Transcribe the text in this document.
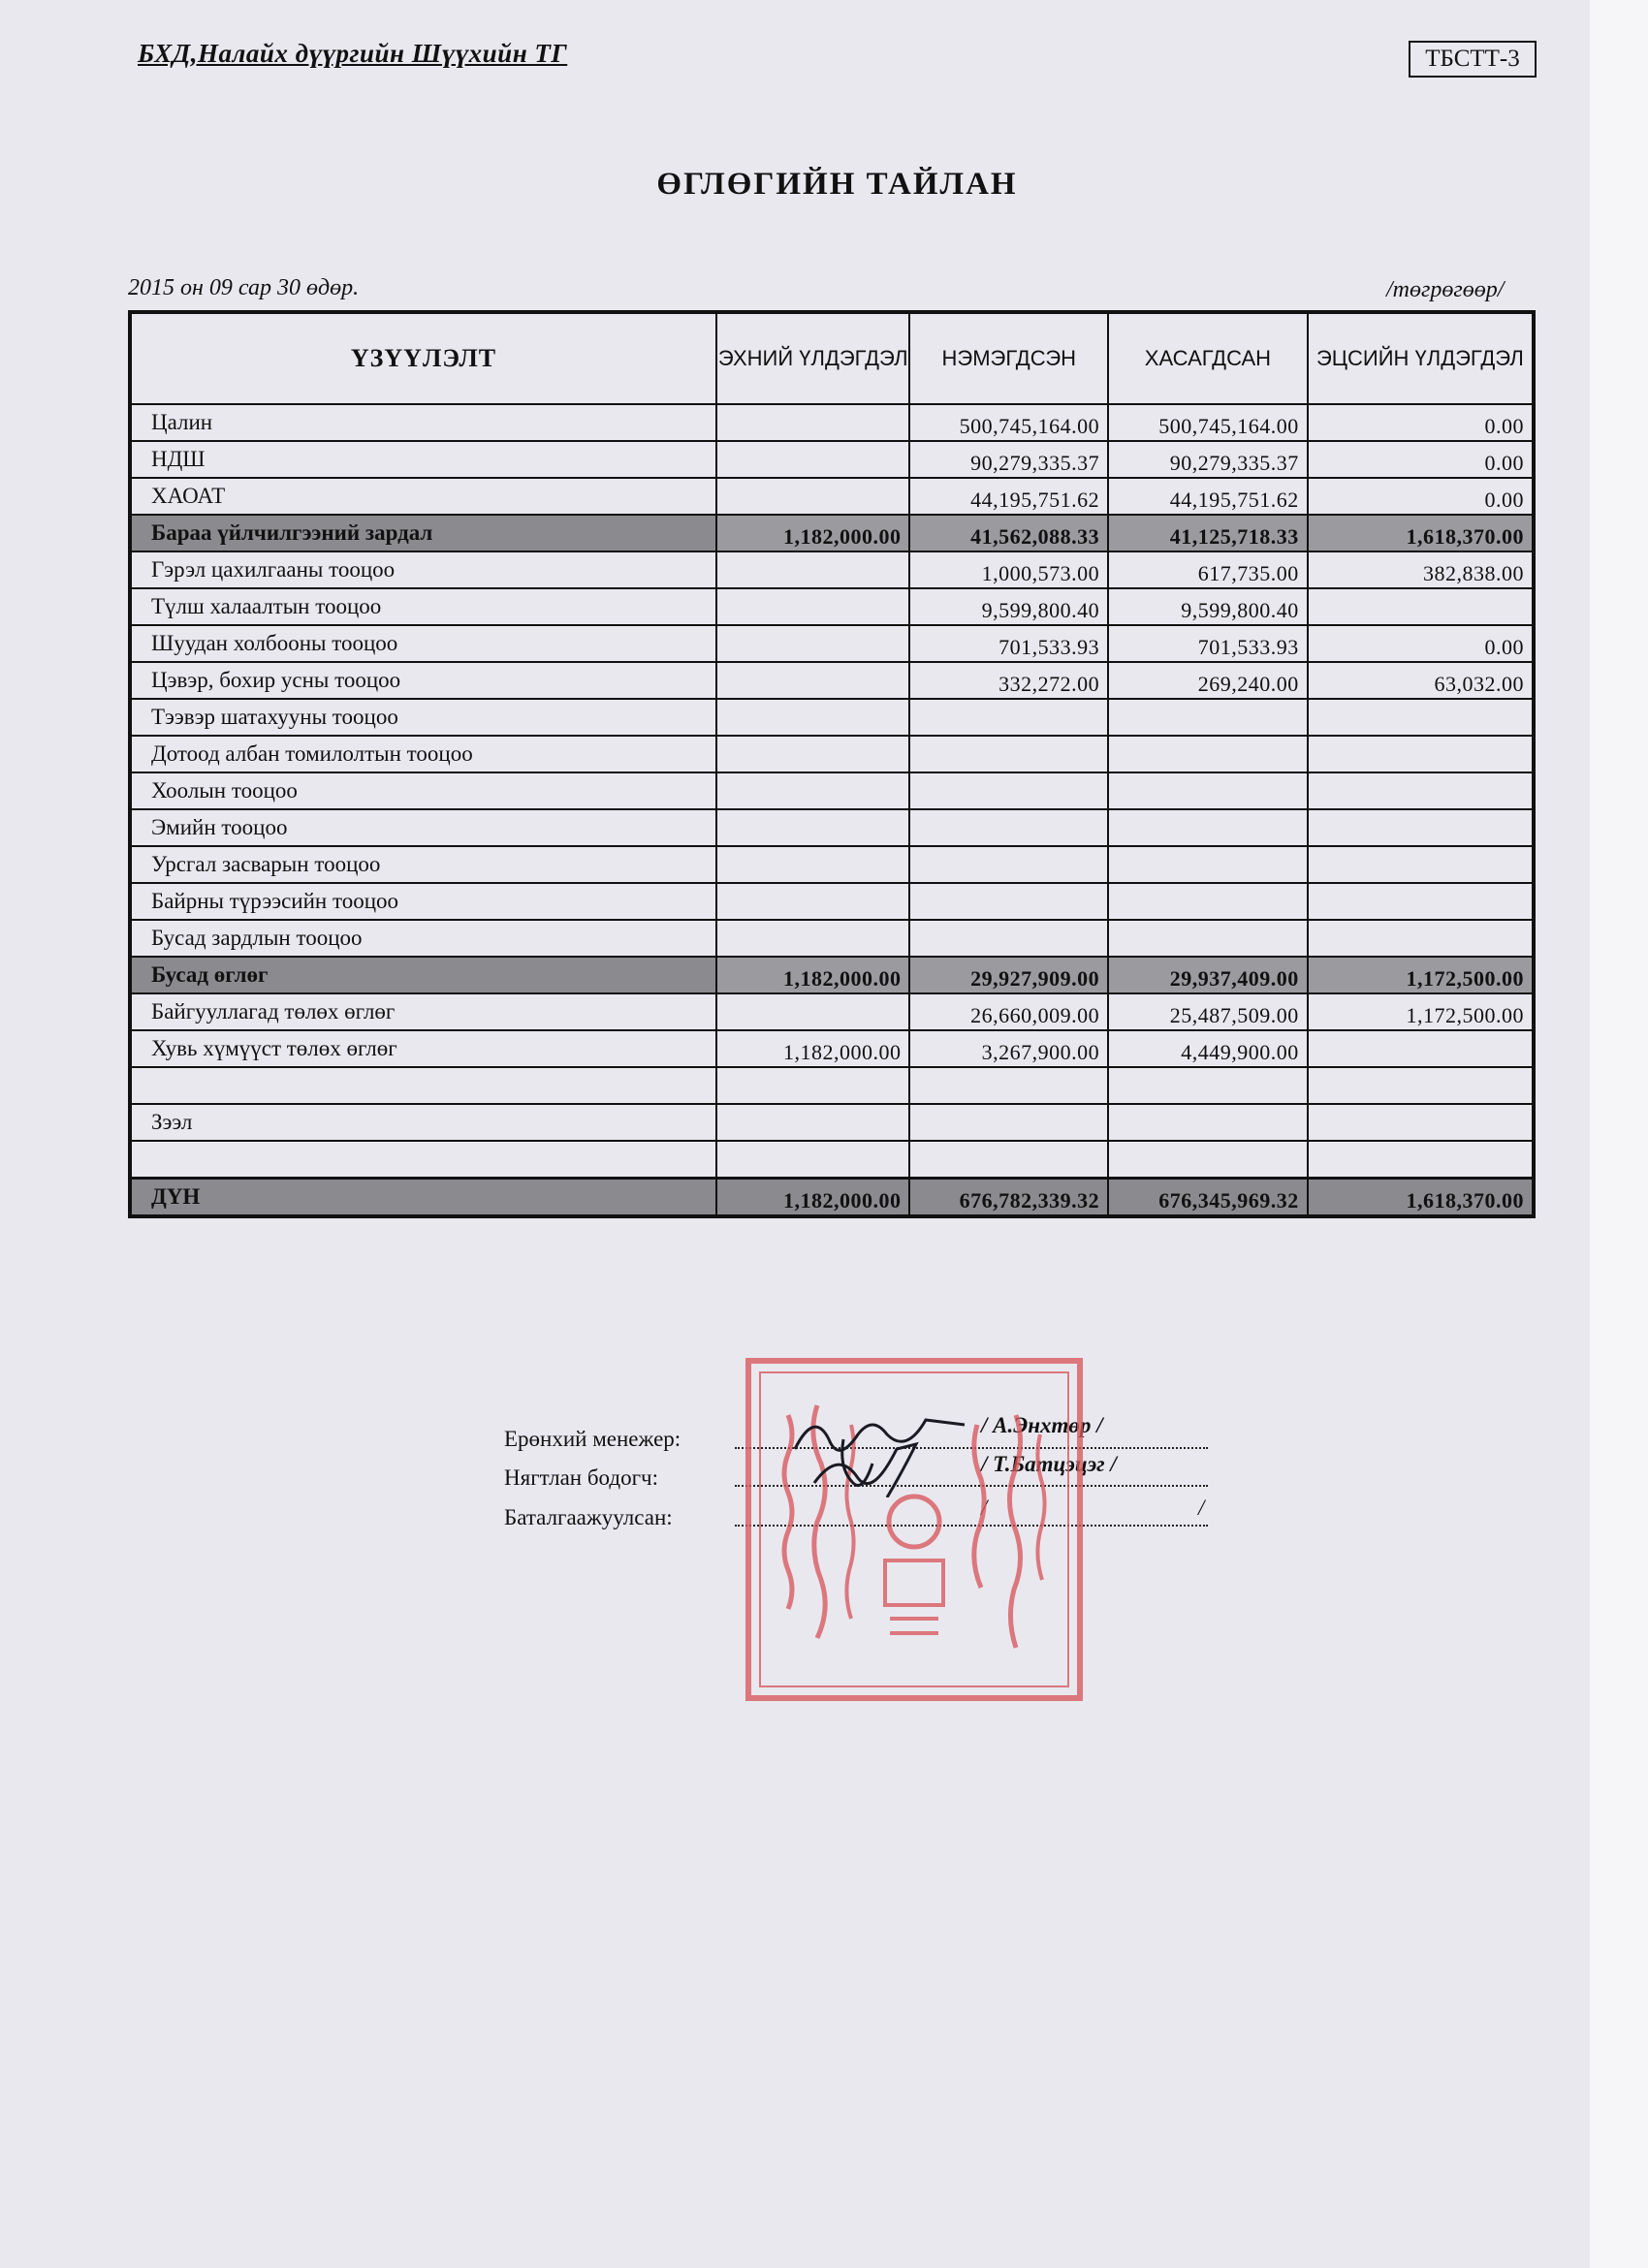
БХД,Налайх дүүргийн Шүүхийн ТГ	ТБСТТ-3
ӨГЛӨГИЙН ТАЙЛАН
2015 он 09 сар 30 өдөр.	/төгрөгөөр/
ҮЗҮҮЛЭЛТ	ЭХНИЙ ҮЛДЭГДЭЛ	НЭМЭГДСЭН	ХАСАГДСАН	ЭЦСИЙН ҮЛДЭГДЭЛ
Цалин		500,745,164.00	500,745,164.00	0.00
НДШ		90,279,335.37	90,279,335.37	0.00
ХАОАТ		44,195,751.62	44,195,751.62	0.00
Бараа үйлчилгээний зардал	1,182,000.00	41,562,088.33	41,125,718.33	1,618,370.00
Гэрэл цахилгааны тооцоо		1,000,573.00	617,735.00	382,838.00
Түлш халаалтын тооцоо		9,599,800.40	9,599,800.40	
Шуудан холбооны тооцоо		701,533.93	701,533.93	0.00
Цэвэр, бохир усны тооцоо		332,272.00	269,240.00	63,032.00
Тээвэр шатахууны тооцоо				
Дотоод албан томилолтын тооцоо				
Хоолын тооцоо				
Эмийн тооцоо				
Урсгал засварын тооцоо				
Байрны түрээсийн тооцоо				
Бусад зардлын тооцоо				
Бусад өглөг	1,182,000.00	29,927,909.00	29,937,409.00	1,172,500.00
Байгууллагад төлөх өглөг		26,660,009.00	25,487,509.00	1,172,500.00
Хувь хүмүүст төлөх өглөг	1,182,000.00	3,267,900.00	4,449,900.00	

Зээл				

ДҮН	1,182,000.00	676,782,339.32	676,345,969.32	1,618,370.00
Ерөнхий менежер:
/ А.Энхтөр /
Нягтлан бодогч:
/ Т.Батцэцэг /
Баталгаажуулсан:	/	/
